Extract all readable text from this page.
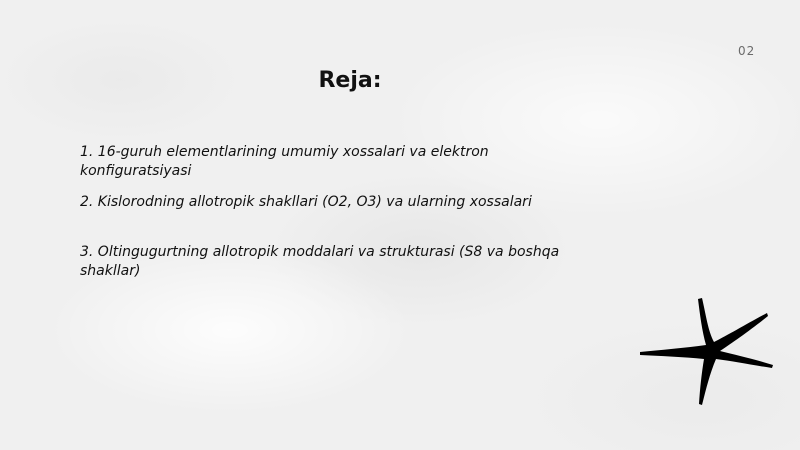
02
Reja:
1. 16-guruh elementlarining umumiy xossalari va elektron konfiguratsiyasi
2. Kislorodning allotropik shakllari (O2, O3) va ularning xossalari
3. Oltingugurtning allotropik moddalari va strukturasi (S8 va boshqa shakllar)
